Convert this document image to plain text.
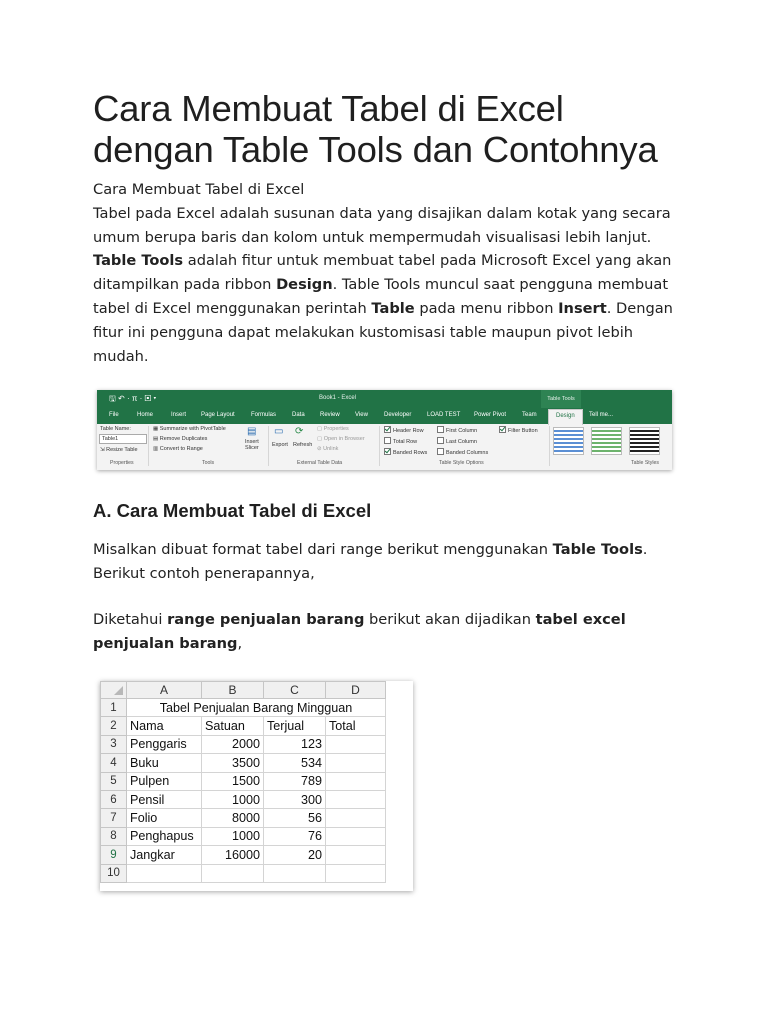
Cara Membuat Tabel di Excel dengan Table Tools dan Contohnya

Cara Membuat Tabel di Excel
Tabel pada Excel adalah susunan data yang disajikan dalam kotak yang secara umum berupa baris dan kolom untuk mempermudah visualisasi lebih lanjut. Table Tools adalah fitur untuk membuat tabel pada Microsoft Excel yang akan ditampilkan pada ribbon Design. Table Tools muncul saat pengguna membuat tabel di Excel menggunakan perintah Table pada menu ribbon Insert. Dengan fitur ini pengguna dapat melakukan kustomisasi table maupun pivot lebih mudah.

🖫 ↶ · π · ▣ ▾	Book1 - Excel	Table Tools
File	Home	Insert Page Layout	Formulas	Data	Review	View	Developer	LOAD TEST Power Pivot	Team	Design	Tell me...
Table Name:
Table1
⇲ Resize Table
Properties
▦ Summarize with PivotTable
▤ Remove Duplicates
▥ Convert to Range
▤
Insert Slicer
Tools
▭
Export
⟳
Refresh
▢ Properties
▢ Open in Browser
⊘ Unlink
External Table Data
Header Row
Total Row
Banded Rows
First Column
Last Column
Banded Columns
Filter Button
Table Style Options	Table Styles
A. Cara Membuat Tabel di Excel

Misalkan dibuat format tabel dari range berikut menggunakan Table Tools. Berikut contoh penerapannya,

Diketahui range penjualan barang berikut akan dijadikan tabel excel penjualan barang,

	A	B	C	D
1	Tabel Penjualan Barang Mingguan			
2	Nama	Satuan	Terjual	Total
3	Penggaris	2000	123	
4	Buku	3500	534	
5	Pulpen	1500	789	
6	Pensil	1000	300	
7	Folio	8000	56	
8	Penghapus	1000	76	
9	Jangkar	16000	20	
10				
